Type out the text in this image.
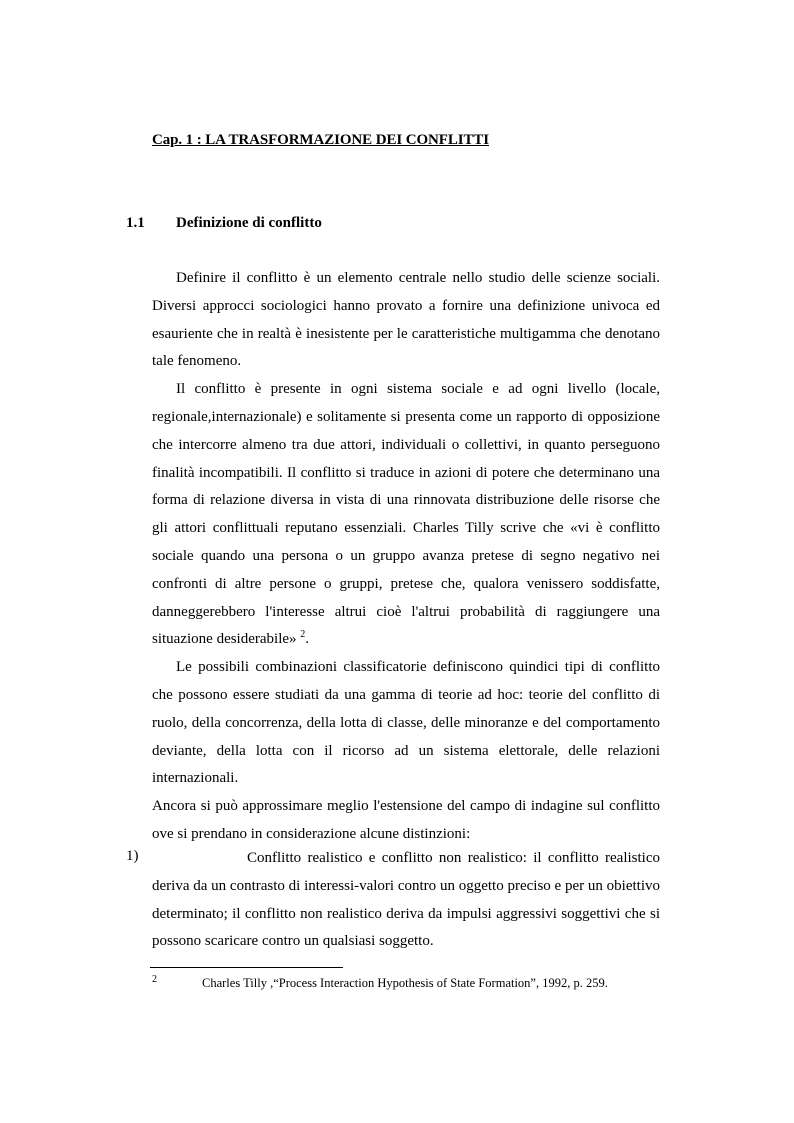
Cap. 1 : LA TRASFORMAZIONE DEI CONFLITTI
1.1 Definizione di conflitto

Definire il conflitto è un elemento centrale nello studio delle scienze sociali. Diversi approcci sociologici hanno provato a fornire una definizione univoca ed esauriente che in realtà è inesistente per le caratteristiche multigamma che denotano tale fenomeno.

Il conflitto è presente in ogni sistema sociale e ad ogni livello (locale, regionale,internazionale) e solitamente si presenta come un rapporto di opposizione che intercorre almeno tra due attori, individuali o collettivi, in quanto perseguono finalità incompatibili. Il conflitto si traduce in azioni di potere che determinano una forma di relazione diversa in vista di una rinnovata distribuzione delle risorse che gli attori conflittuali reputano essenziali. Charles Tilly scrive che «vi è conflitto sociale quando una persona o un gruppo avanza pretese di segno negativo nei confronti di altre persone o gruppi, pretese che, qualora venissero soddisfatte, danneggerebbero l'interesse altrui cioè l'altrui probabilità di raggiungere una situazione desiderabile» $^2$.

Le possibili combinazioni classificatorie definiscono quindici tipi di conflitto che possono essere studiati da una gamma di teorie ad hoc: teorie del conflitto di ruolo, della concorrenza, della lotta di classe, delle minoranze e del comportamento deviante, della lotta con il ricorso ad un sistema elettorale, delle relazioni internazionali.

Ancora si può approssimare meglio l'estensione del campo di indagine sul conflitto ove si prendano in considerazione alcune distinzioni:

1)	Conflitto realistico e conflitto non realistico: il conflitto realistico deriva da un contrasto di interessi-valori contro un oggetto preciso e per un obiettivo determinato; il conflitto non realistico deriva da impulsi aggressivi soggettivi che si possono scaricare contro un qualsiasi soggetto.
2	Charles Tilly ,“Process Interaction Hypothesis of State Formation”, 1992, p. 259.
